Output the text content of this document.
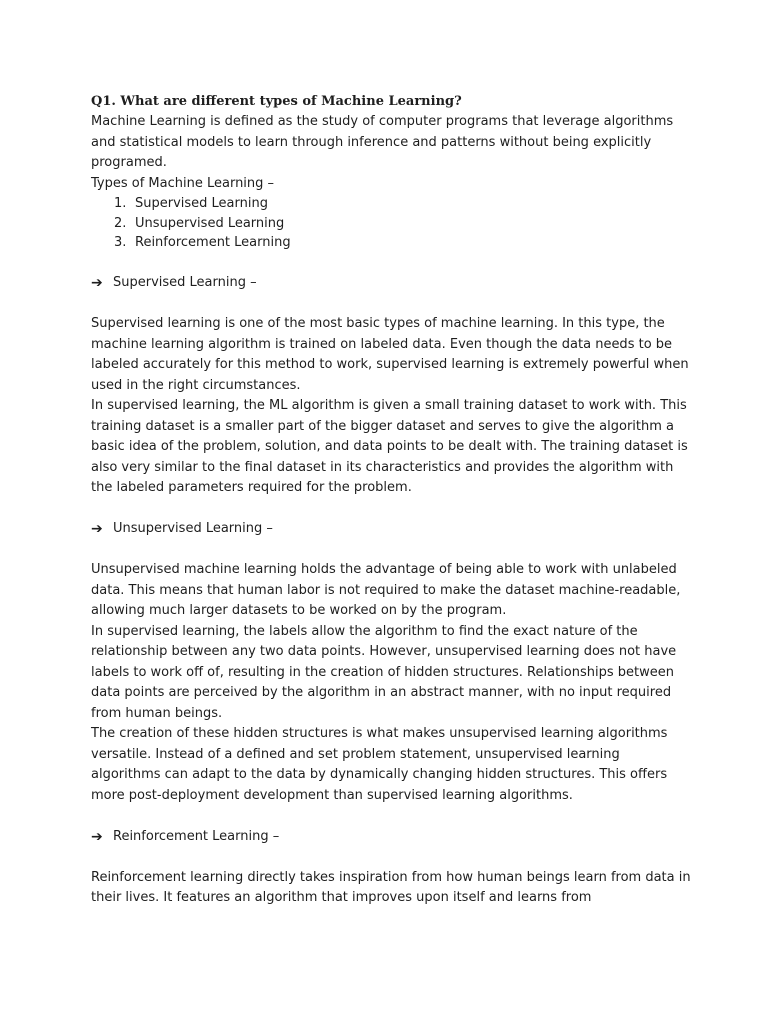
Q1. What are different types of Machine Learning?

Machine Learning is defined as the study of computer programs that leverage algorithms and statistical models to learn through inference and patterns without being explicitly programed.

Types of Machine Learning –

1. Supervised Learning
2. Unsupervised Learning
3. Reinforcement Learning
➔ Supervised Learning –

Supervised learning is one of the most basic types of machine learning. In this type, the machine learning algorithm is trained on labeled data. Even though the data needs to be labeled accurately for this method to work, supervised learning is extremely powerful when used in the right circumstances.

In supervised learning, the ML algorithm is given a small training dataset to work with. This training dataset is a smaller part of the bigger dataset and serves to give the algorithm a basic idea of the problem, solution, and data points to be dealt with. The training dataset is also very similar to the final dataset in its characteristics and provides the algorithm with the labeled parameters required for the problem.

➔ Unsupervised Learning –

Unsupervised machine learning holds the advantage of being able to work with unlabeled data. This means that human labor is not required to make the dataset machine-readable, allowing much larger datasets to be worked on by the program.

In supervised learning, the labels allow the algorithm to find the exact nature of the relationship between any two data points. However, unsupervised learning does not have labels to work off of, resulting in the creation of hidden structures. Relationships between data points are perceived by the algorithm in an abstract manner, with no input required from human beings.

The creation of these hidden structures is what makes unsupervised learning algorithms versatile. Instead of a defined and set problem statement, unsupervised learning algorithms can adapt to the data by dynamically changing hidden structures. This offers more post-deployment development than supervised learning algorithms.

➔ Reinforcement Learning –

Reinforcement learning directly takes inspiration from how human beings learn from data in their lives. It features an algorithm that improves upon itself and learns from
